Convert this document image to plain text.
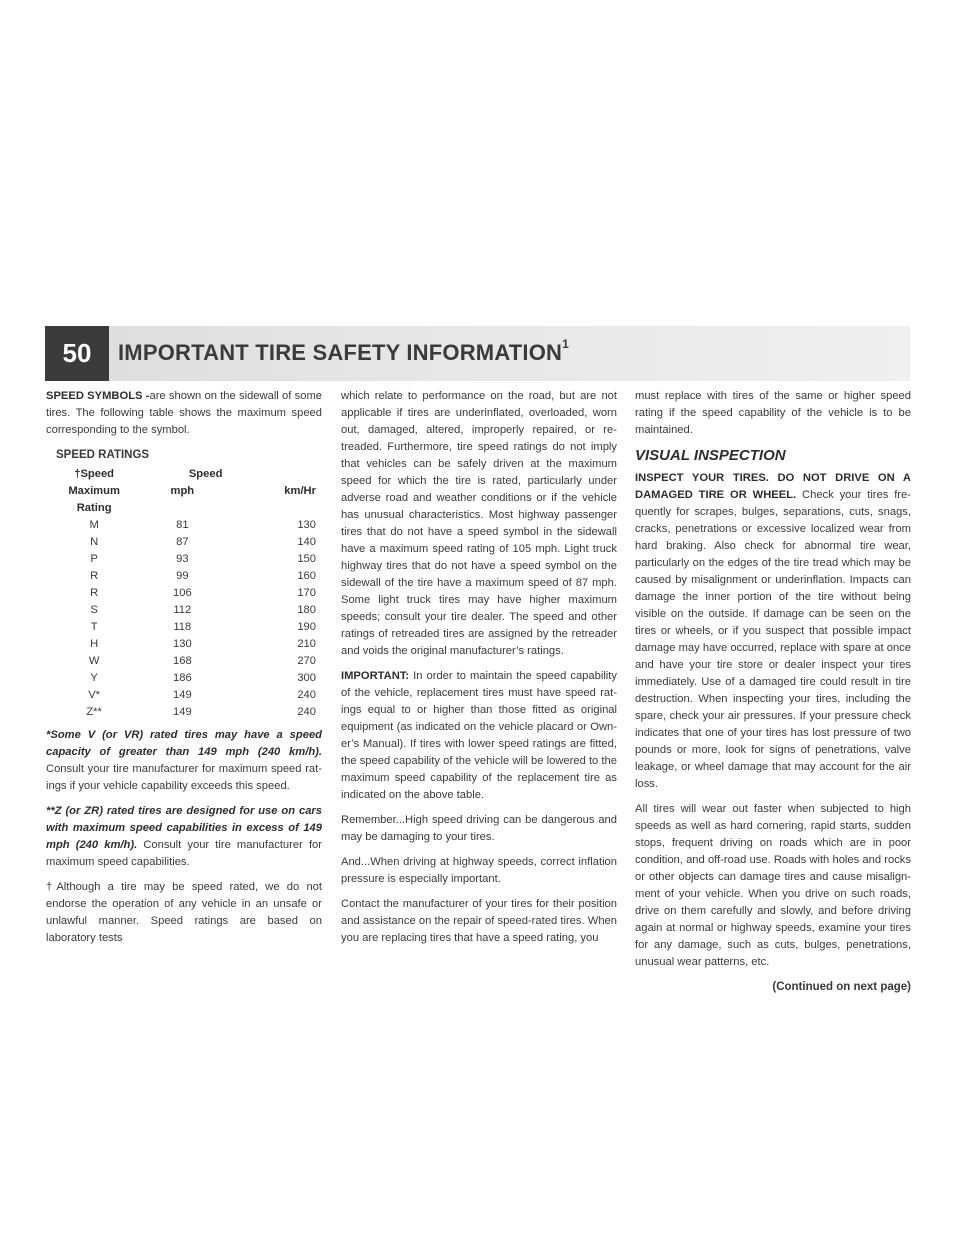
50	IMPORTANT TIRE SAFETY INFORMATION$^1$

SPEED SYMBOLS -are shown on the sidewall of some tires. The following table shows the maximum speed corresponding to the symbol.

SPEED RATINGS
†Speed	Speed	
Maximum	mph	km/Hr
Rating		
M	81	130
N	87	140
P	93	150
R	99	160
R	106	170
S	112	180
T	118	190
H	130	210
W	168	270
Y	186	300
V*	149	240
Z**	149	240

*Some V (or VR) rated tires may have a speed capacity of greater than 149 mph (240 km/h). Consult your tire manufacturer for maximum speed ratings if your vehicle capability exceeds this speed.

**Z (or ZR) rated tires are designed for use on cars with maximum speed capabilities in excess of 149 mph (240 km/h). Consult your tire manufacturer for maximum speed capabilities.

†Although a tire may be speed rated, we do not endorse the operation of any vehicle in an unsafe or unlawful manner. Speed ratings are based on laboratory tests

which relate to performance on the road, but are not applicable if tires are underinflated, overloaded, worn out, damaged, altered, improperly repaired, or retreaded. Furthermore, tire speed ratings do not imply that vehicles can be safely driven at the maximum speed for which the tire is rated, particularly under adverse road and weather conditions or if the vehicle has unusual characteristics. Most highway passenger tires that do not have a speed symbol in the sidewall have a maximum speed rating of 105 mph. Light truck highway tires that do not have a speed symbol on the sidewall of the tire have a maximum speed of 87 mph. Some light truck tires may have higher maximum speeds; consult your tire dealer. The speed and other ratings of retreaded tires are assigned by the retreader and voids the original manufacturer’s ratings.

IMPORTANT: In order to maintain the speed capability of the vehicle, replacement tires must have speed ratings equal to or higher than those fitted as original equipment (as indicated on the vehicle placard or Owner’s Manual). If tires with lower speed ratings are fitted, the speed capability of the vehicle will be lowered to the maximum speed capability of the replacement tire as indicated on the above table.

Remember...High speed driving can be dangerous and may be damaging to your tires.

And...When driving at highway speeds, correct inflation pressure is especially important.

Contact the manufacturer of your tires for their position and assistance on the repair of speed-rated tires. When you are replacing tires that have a speed rating, you

must replace with tires of the same or higher speed rating if the speed capability of the vehicle is to be maintained.

VISUAL INSPECTION

INSPECT YOUR TIRES. DO NOT DRIVE ON A DAMAGED TIRE OR WHEEL. Check your tires frequently for scrapes, bulges, separations, cuts, snags, cracks, penetrations or excessive localized wear from hard braking. Also check for abnormal tire wear, particularly on the edges of the tire tread which may be caused by misalignment or underinflation. Impacts can damage the inner portion of the tire without being visible on the outside. If damage can be seen on the tires or wheels, or if you suspect that possible impact damage may have occurred, replace with spare at once and have your tire store or dealer inspect your tires immediately. Use of a damaged tire could result in tire destruction. When inspecting your tires, including the spare, check your air pressures. If your pressure check indicates that one of your tires has lost pressure of two pounds or more, look for signs of penetrations, valve leakage, or wheel damage that may account for the air loss.

All tires will wear out faster when subjected to high speeds as well as hard cornering, rapid starts, sudden stops, frequent driving on roads which are in poor condition, and off-road use. Roads with holes and rocks or other objects can damage tires and cause misalignment of your vehicle. When you drive on such roads, drive on them carefully and slowly, and before driving again at normal or highway speeds, examine your tires for any damage, such as cuts, bulges, penetrations, unusual wear patterns, etc.

(Continued on next page)
